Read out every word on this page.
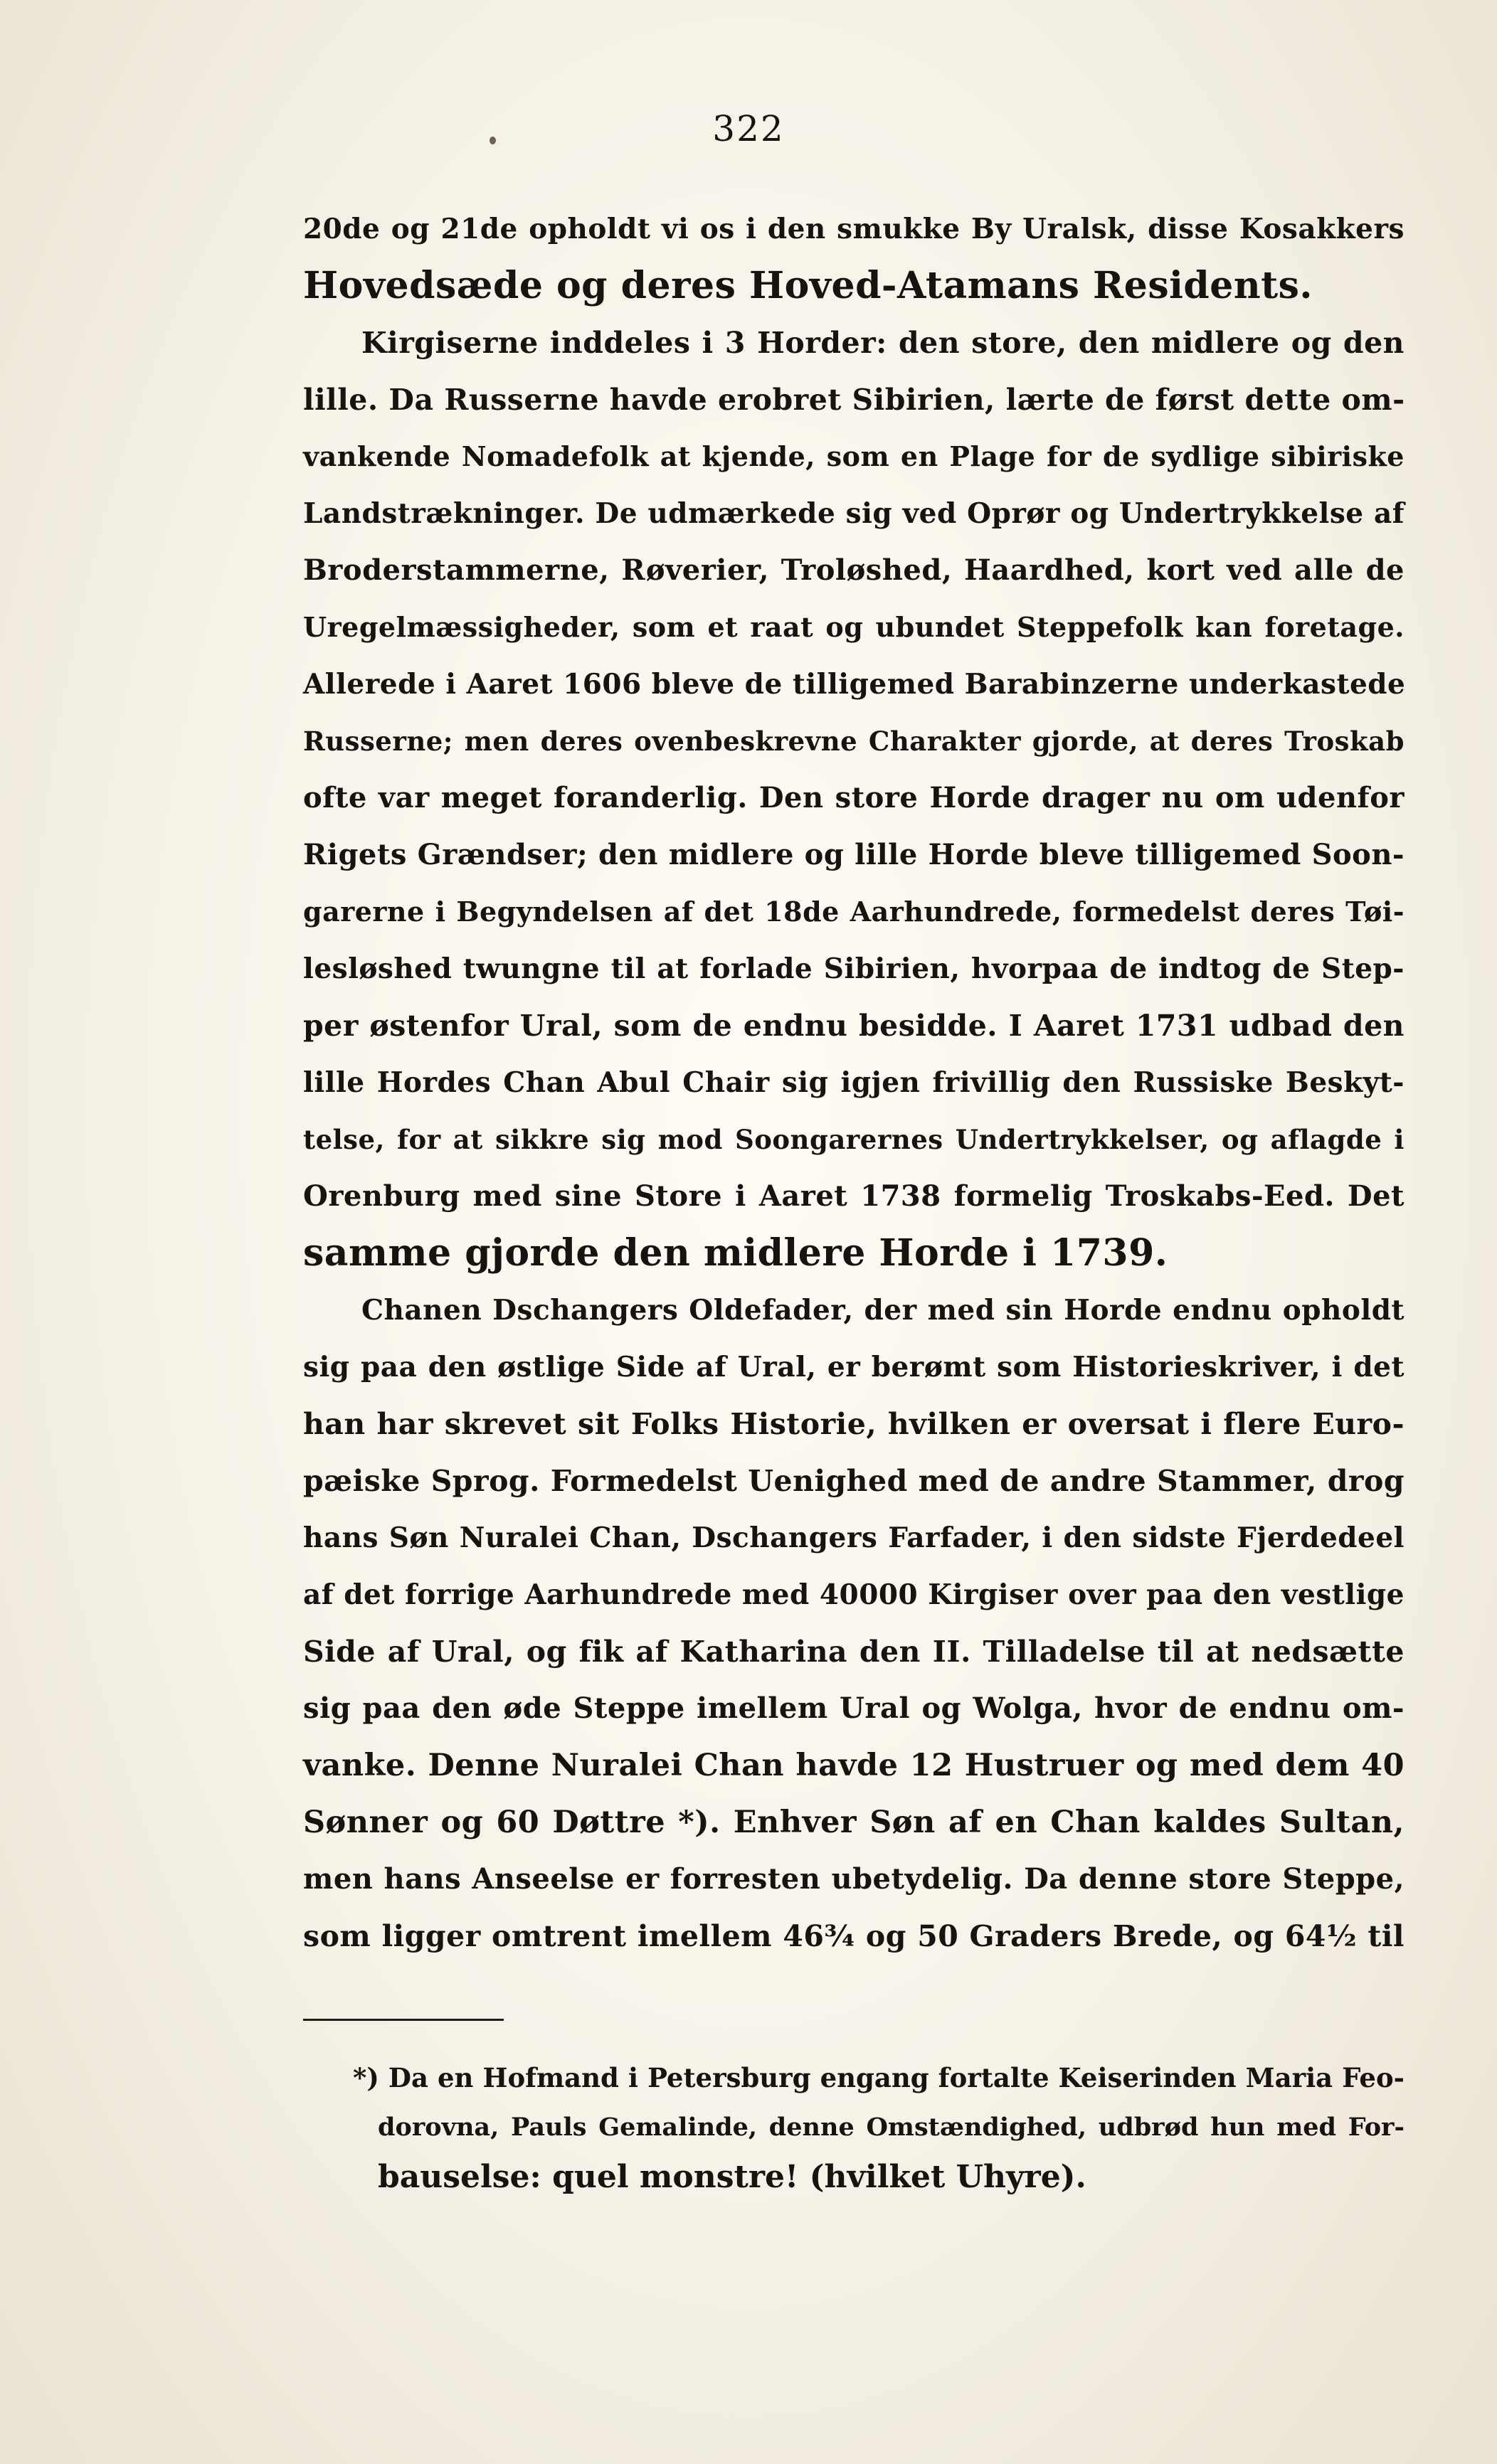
322
20de og 21de opholdt vi os i den smukke By Uralsk, disse Kosakkers
Hovedsæde og deres Hoved-Atamans Residents.
Kirgiserne inddeles i 3 Horder: den store, den midlere og den
lille. Da Russerne havde erobret Sibirien, lærte de først dette om-
vankende Nomadefolk at kjende, som en Plage for de sydlige sibiriske
Landstrækninger. De udmærkede sig ved Oprør og Undertrykkelse af
Broderstammerne, Røverier, Troløshed, Haardhed, kort ved alle de
Uregelmæssigheder, som et raat og ubundet Steppefolk kan foretage.
Allerede i Aaret 1606 bleve de tilligemed Barabinzerne underkastede
Russerne; men deres ovenbeskrevne Charakter gjorde, at deres Troskab
ofte var meget foranderlig. Den store Horde drager nu om udenfor
Rigets Grændser; den midlere og lille Horde bleve tilligemed Soon-
garerne i Begyndelsen af det 18de Aarhundrede, formedelst deres Tøi-
lesløshed twungne til at forlade Sibirien, hvorpaa de indtog de Step-
per østenfor Ural, som de endnu besidde. I Aaret 1731 udbad den
lille Hordes Chan Abul Chair sig igjen frivillig den Russiske Beskyt-
telse, for at sikkre sig mod Soongarernes Undertrykkelser, og aflagde i
Orenburg med sine Store i Aaret 1738 formelig Troskabs-Eed. Det
samme gjorde den midlere Horde i 1739.
Chanen Dschangers Oldefader, der med sin Horde endnu opholdt
sig paa den østlige Side af Ural, er berømt som Historieskriver, i det
han har skrevet sit Folks Historie, hvilken er oversat i flere Euro-
pæiske Sprog. Formedelst Uenighed med de andre Stammer, drog
hans Søn Nuralei Chan, Dschangers Farfader, i den sidste Fjerdedeel
af det forrige Aarhundrede med 40000 Kirgiser over paa den vestlige
Side af Ural, og fik af Katharina den II. Tilladelse til at nedsætte
sig paa den øde Steppe imellem Ural og Wolga, hvor de endnu om-
vanke. Denne Nuralei Chan havde 12 Hustruer og med dem 40
Sønner og 60 Døttre *). Enhver Søn af en Chan kaldes Sultan,
men hans Anseelse er forresten ubetydelig. Da denne store Steppe,
som ligger omtrent imellem 46¾ og 50 Graders Brede, og 64½ til
*) Da en Hofmand i Petersburg engang fortalte Keiserinden Maria Feo-
dorovna, Pauls Gemalinde, denne Omstændighed, udbrød hun med For-
bauselse: quel monstre! (hvilket Uhyre).
